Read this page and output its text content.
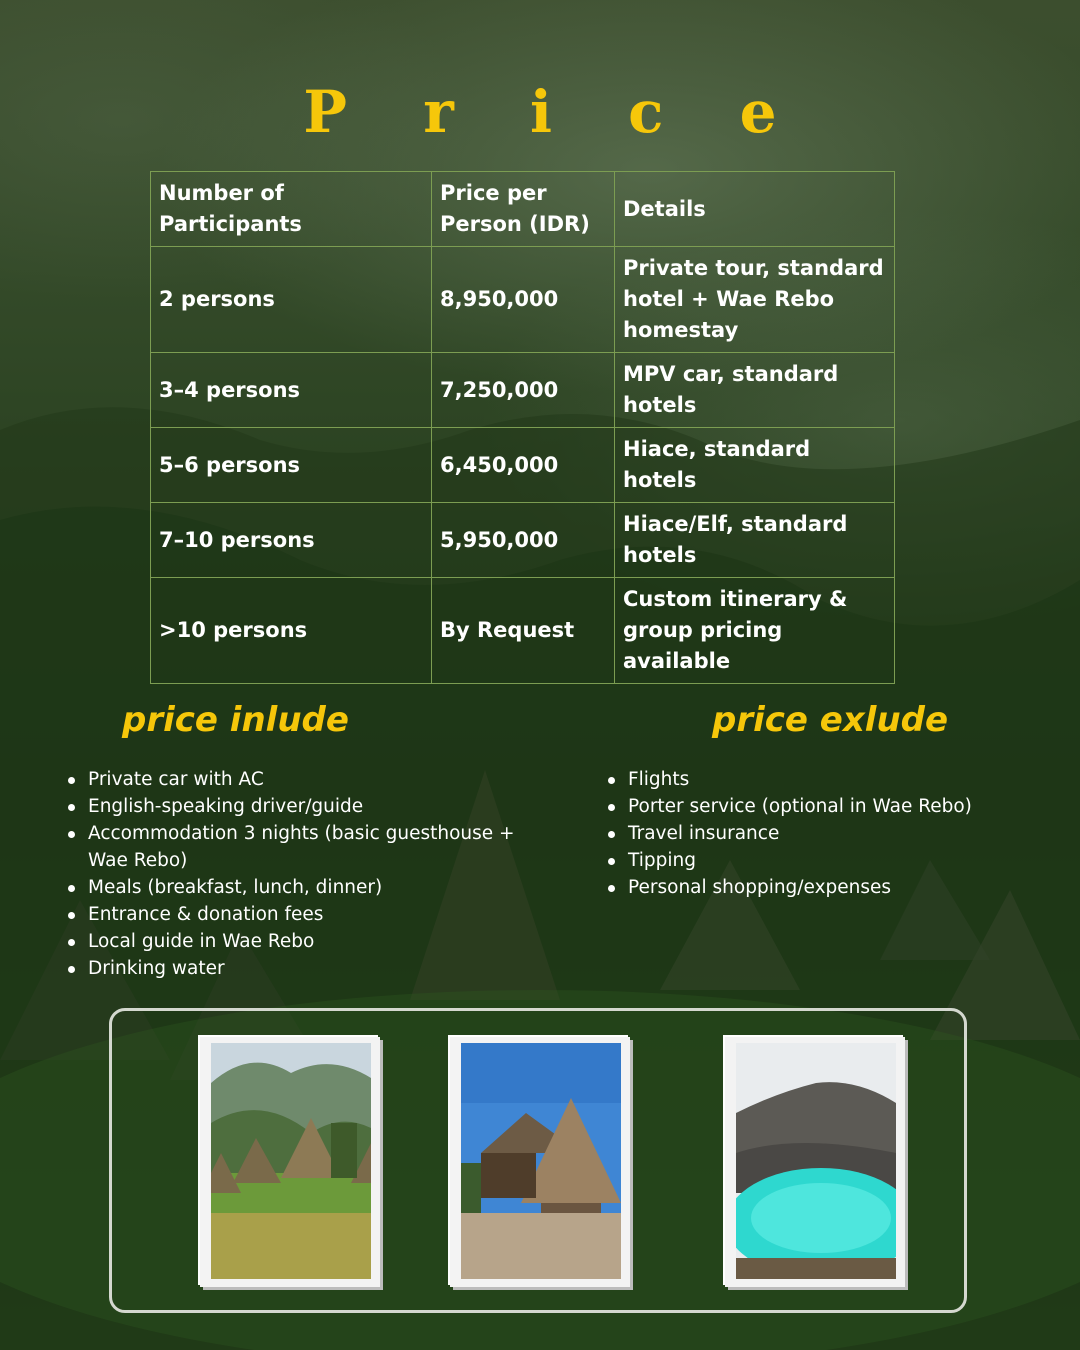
P r i c e
Number of Participants	Price per Person (IDR)	Details
2 persons	8,950,000	Private tour, standard hotel + Wae Rebo homestay
3–4 persons	7,250,000	MPV car, standard hotels
5–6 persons	6,450,000	Hiace, standard hotels
7–10 persons	5,950,000	Hiace/Elf, standard hotels
>10 persons	By Request	Custom itinerary & group pricing available
price inlude	price exlude
Private car with AC
English-speaking driver/guide
Accommodation 3 nights (basic guesthouse + Wae Rebo)
Meals (breakfast, lunch, dinner)
Entrance & donation fees
Local guide in Wae Rebo
Drinking water
Flights
Porter service (optional in Wae Rebo)
Travel insurance
Tipping
Personal shopping/expenses
